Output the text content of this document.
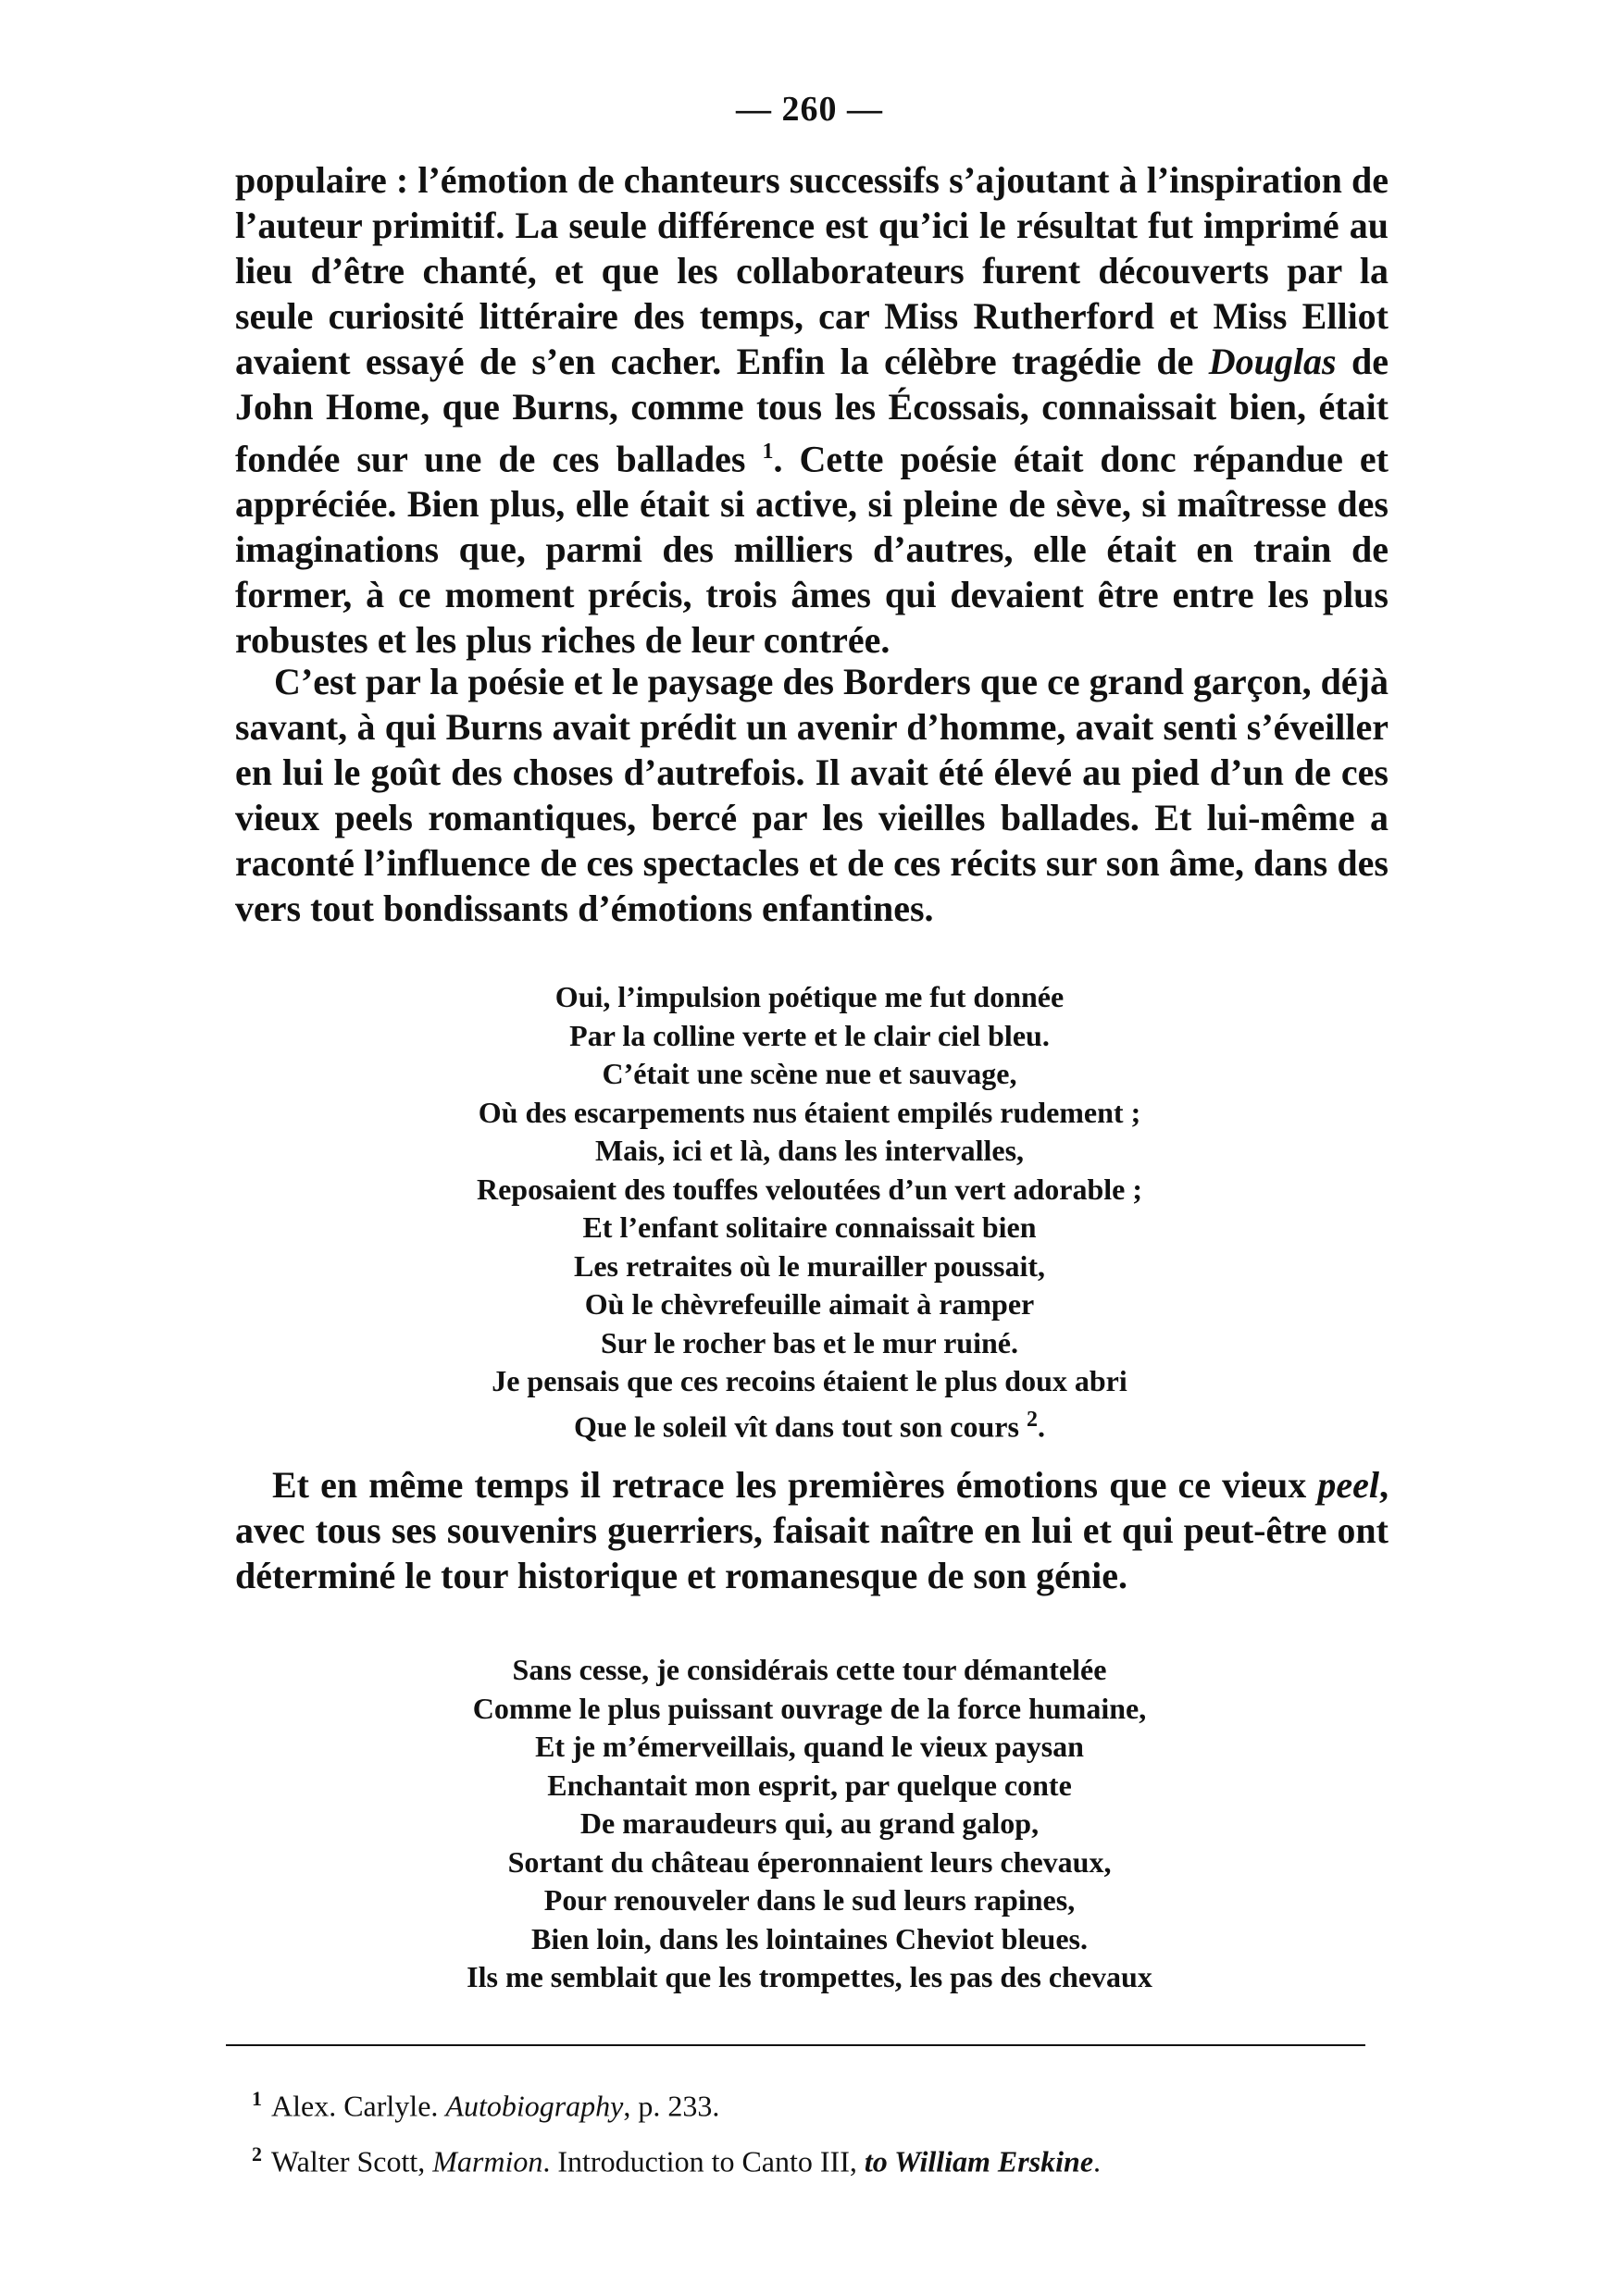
— 260 —
populaire : l’émotion de chanteurs successifs s’ajoutant à l’inspiration de l’auteur primitif. La seule différence est qu’ici le résultat fut imprimé au lieu d’être chanté, et que les collaborateurs furent découverts par la seule curiosité littéraire des temps, car Miss Rutherford et Miss Elliot avaient essayé de s’en cacher. Enfin la célèbre tragédie de Douglas de John Home, que Burns, comme tous les Écossais, connaissait bien, était fondée sur une de ces ballades $^1$. Cette poésie était donc répandue et appréciée. Bien plus, elle était si active, si pleine de sève, si maîtresse des imaginations que, parmi des milliers d’autres, elle était en train de former, à ce moment précis, trois âmes qui devaient être entre les plus robustes et les plus riches de leur contrée.
C’est par la poésie et le paysage des Borders que ce grand garçon, déjà savant, à qui Burns avait prédit un avenir d’homme, avait senti s’éveiller en lui le goût des choses d’autrefois. Il avait été élevé au pied d’un de ces vieux peels romantiques, bercé par les vieilles ballades. Et lui-même a raconté l’influence de ces spectacles et de ces récits sur son âme, dans des vers tout bondissants d’émotions enfantines.
Oui, l’impulsion poétique me fut donnée
Par la colline verte et le clair ciel bleu.
C’était une scène nue et sauvage,
Où des escarpements nus étaient empilés rudement ;
Mais, ici et là, dans les intervalles,
Reposaient des touffes veloutées d’un vert adorable ;
Et l’enfant solitaire connaissait bien
Les retraites où le murailler poussait,
Où le chèvrefeuille aimait à ramper
Sur le rocher bas et le mur ruiné.
Je pensais que ces recoins étaient le plus doux abri
Que le soleil vît dans tout son cours $^2$.
Et en même temps il retrace les premières émotions que ce vieux peel, avec tous ses souvenirs guerriers, faisait naître en lui et qui peut-être ont déterminé le tour historique et romanesque de son génie.
Sans cesse, je considérais cette tour démantelée
Comme le plus puissant ouvrage de la force humaine,
Et je m’émerveillais, quand le vieux paysan
Enchantait mon esprit, par quelque conte
De maraudeurs qui, au grand galop,
Sortant du château éperonnaient leurs chevaux,
Pour renouveler dans le sud leurs rapines,
Bien loin, dans les lointaines Cheviot bleues.
Ils me semblait que les trompettes, les pas des chevaux
$^1$ Alex. Carlyle. Autobiography, p. 233.
$^2$ Walter Scott, Marmion. Introduction to Canto III, to William Erskine.
